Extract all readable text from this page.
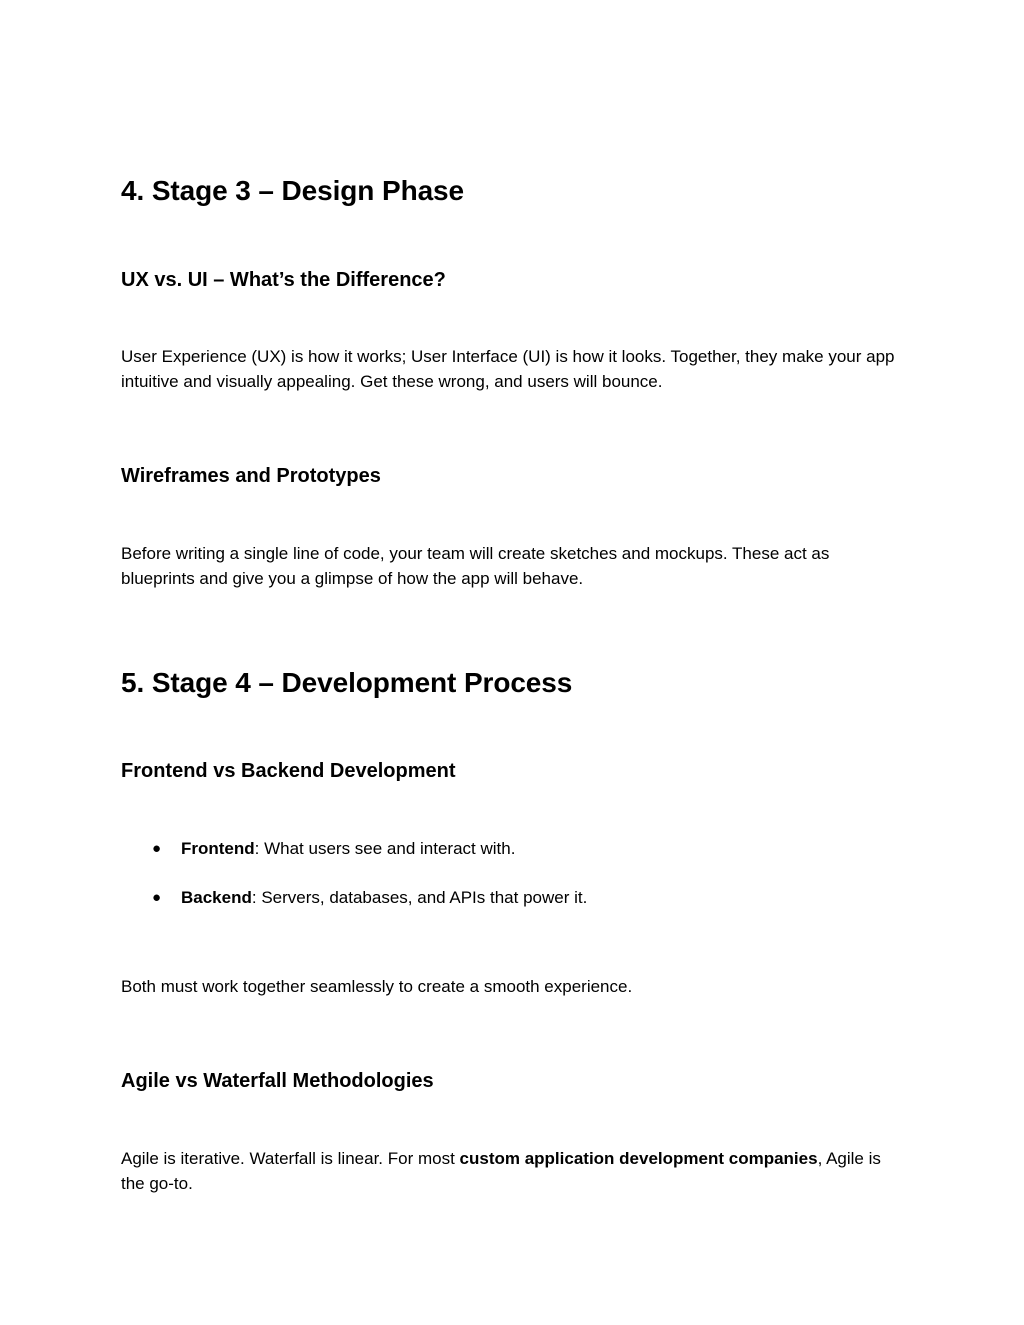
4. Stage 3 – Design Phase
UX vs. UI – What’s the Difference?

User Experience (UX) is how it works; User Interface (UI) is how it looks. Together, they make your app intuitive and visually appealing. Get these wrong, and users will bounce.

Wireframes and Prototypes

Before writing a single line of code, your team will create sketches and mockups. These act as blueprints and give you a glimpse of how the app will behave.

5. Stage 4 – Development Process
Frontend vs Backend Development
● Frontend: What users see and interact with.
● Backend: Servers, databases, and APIs that power it.

Both must work together seamlessly to create a smooth experience.

Agile vs Waterfall Methodologies

Agile is iterative. Waterfall is linear. For most custom application development companies, Agile is the go-to.
